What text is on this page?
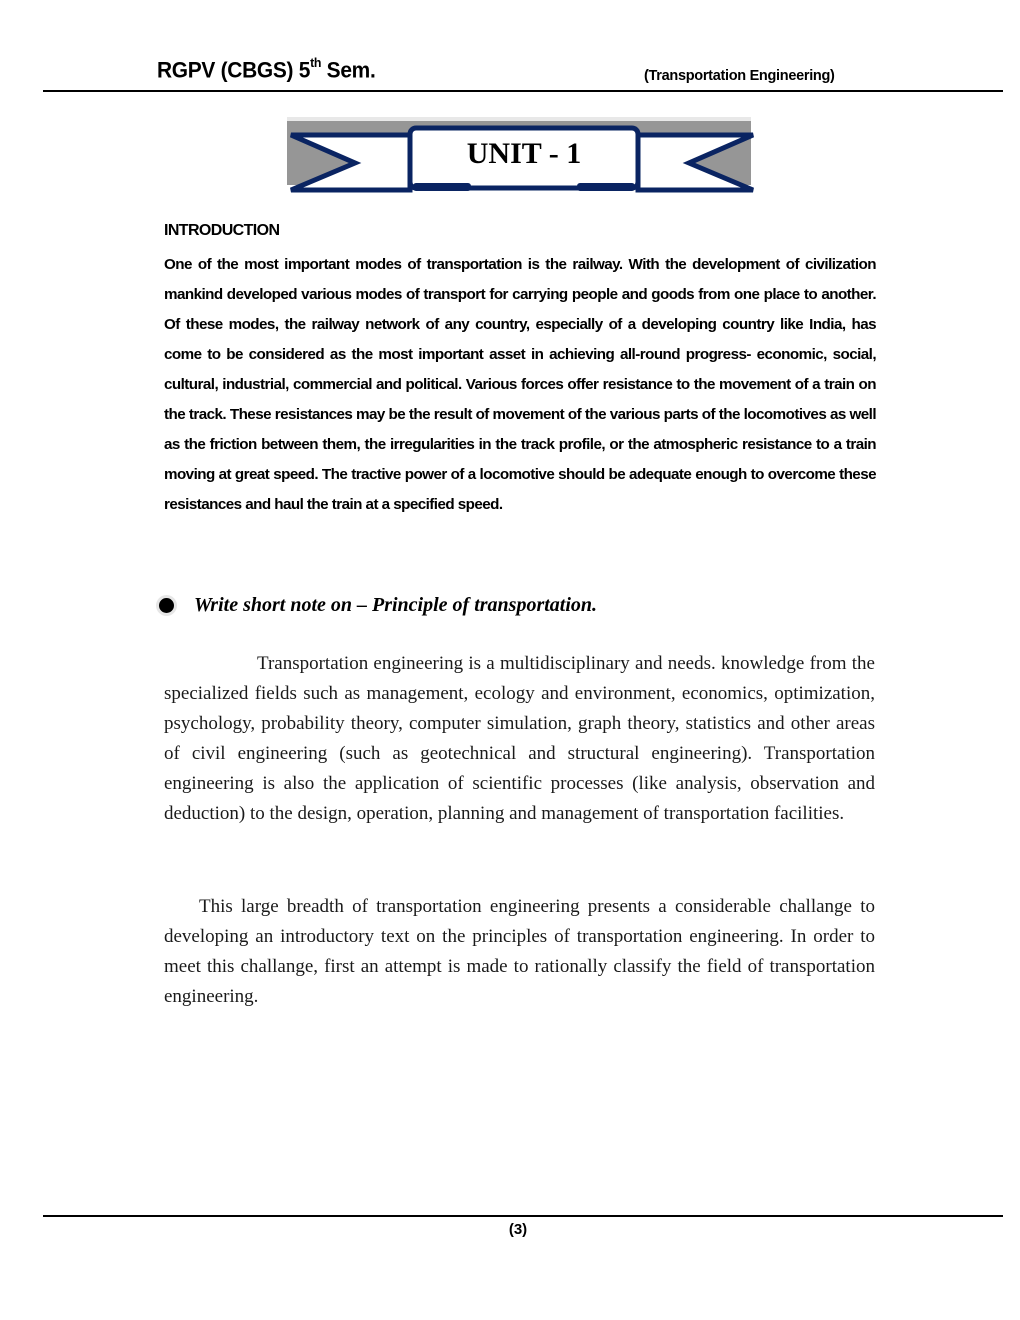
RGPV (CBGS) 5th Sem.	(Transportation Engineering)
UNIT - 1
INTRODUCTION
One of the most important modes of transportation is the railway. With the development of civilization mankind developed various modes of transport for carrying people and goods from one place to another. Of these modes, the railway network of any country, especially of a developing country like India, has come to be considered as the most important asset in achieving all-round progress- economic, social, cultural, industrial, commercial and political. Various forces offer resistance to the movement of a train on the track. These resistances may be the result of movement of the various parts of the locomotives as well as the friction between them, the irregularities in the track profile, or the atmospheric resistance to a train moving at great speed. The tractive power of a locomotive should be adequate enough to overcome these resistances and haul the train at a specified speed.
Write short note on – Principle of transportation.
Transportation engineering is a multidisciplinary and needs. knowledge from the specialized fields such as management, ecology and environment, economics, optimization, psychology, probability theory, computer simulation, graph theory, statistics and other areas of civil engineering (such as geotechnical and structural engineering). Transportation engineering is also the application of scientific processes (like analysis, observation and deduction) to the design, operation, planning and management of transportation facilities.
This large breadth of transportation engineering presents a considerable challange to developing an introductory text on the principles of transportation engineering. In order to meet this challange, first an attempt is made to rationally classify the field of transportation engineering.
(3)
